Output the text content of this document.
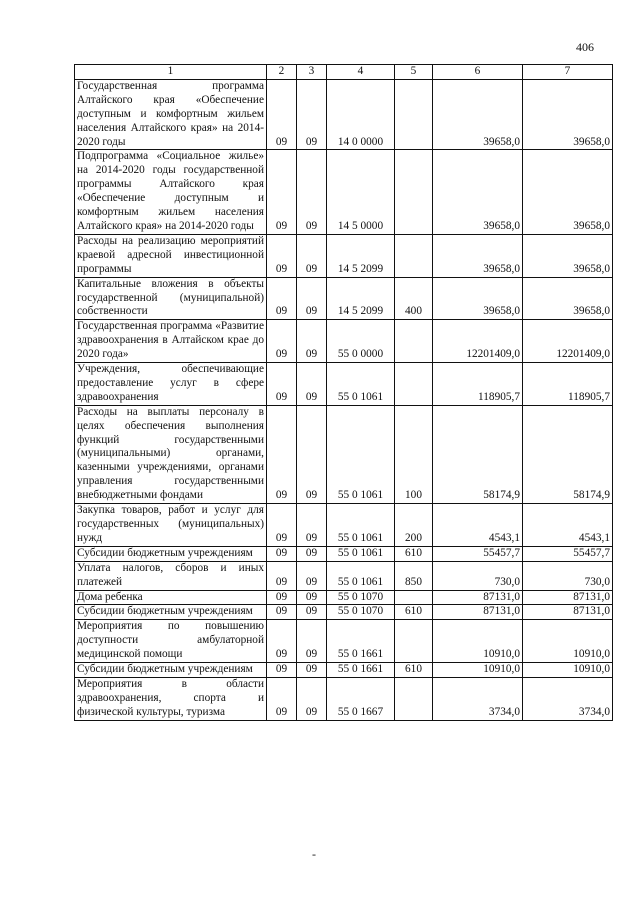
406
1	2	3	4	5	6	7
Государственная программа Алтайского края «Обеспечение доступным и комфортным жильем населения Алтайского края» на 2014-2020 годы	09	09	14 0 0000		39658,0	39658,0
Подпрограмма «Социальное жилье» на 2014-2020 годы государственной программы Алтайского края «Обеспечение доступным и комфортным жильем населения Алтайского края» на 2014-2020 годы	09	09	14 5 0000		39658,0	39658,0
Расходы на реализацию мероприятий краевой адресной инвестиционной программы	09	09	14 5 2099		39658,0	39658,0
Капитальные вложения в объекты государственной (муниципальной) собственности	09	09	14 5 2099	400	39658,0	39658,0
Государственная программа «Развитие здравоохранения в Алтайском крае до 2020 года»	09	09	55 0 0000		12201409,0	12201409,0
Учреждения, обеспечивающие предоставление услуг в сфере здравоохранения	09	09	55 0 1061		118905,7	118905,7
Расходы на выплаты персоналу в целях обеспечения выполнения функций государственными (муниципальными) органами, казенными учреждениями, органами управления государственными внебюджетными фондами	09	09	55 0 1061	100	58174,9	58174,9
Закупка товаров, работ и услуг для государственных (муниципальных) нужд	09	09	55 0 1061	200	4543,1	4543,1
Субсидии бюджетным учреждениям	09	09	55 0 1061	610	55457,7	55457,7
Уплата налогов, сборов и иных платежей	09	09	55 0 1061	850	730,0	730,0
Дома ребенка	09	09	55 0 1070		87131,0	87131,0
Субсидии бюджетным учреждениям	09	09	55 0 1070	610	87131,0	87131,0
Мероприятия по повышению доступности амбулаторной медицинской помощи	09	09	55 0 1661		10910,0	10910,0
Субсидии бюджетным учреждениям	09	09	55 0 1661	610	10910,0	10910,0
Мероприятия в области здравоохранения, спорта и физической культуры, туризма	09	09	55 0 1667		3734,0	3734,0
-
